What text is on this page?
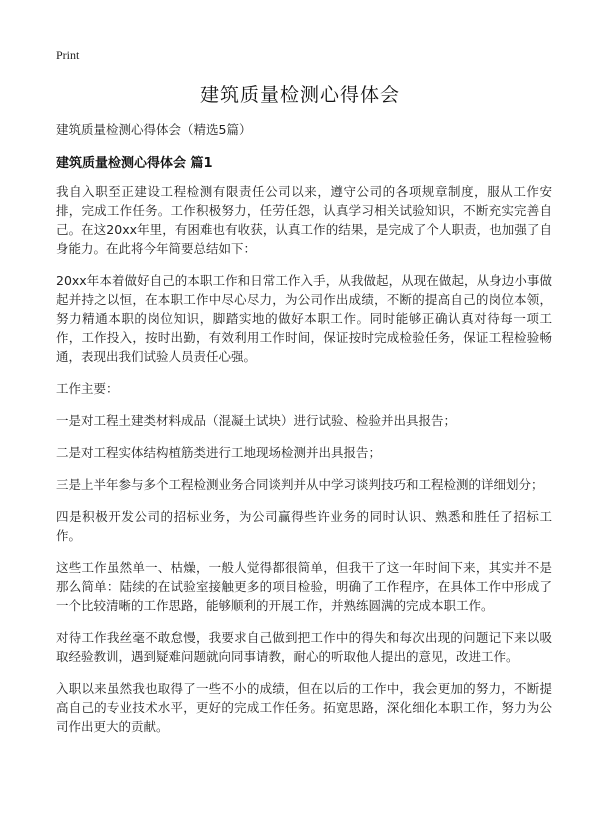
Print
建筑质量检测心得体会
建筑质量检测心得体会（精选5篇）
建筑质量检测心得体会 篇1

我自入职至正建设工程检测有限责任公司以来，遵守公司的各项规章制度，服从工作安排，完成工作任务。工作积极努力，任劳任怨，认真学习相关试验知识，不断充实完善自己。在这20xx年里，有困难也有收获，认真工作的结果，是完成了个人职责，也加强了自身能力。在此将今年简要总结如下：

20xx年本着做好自己的本职工作和日常工作入手，从我做起，从现在做起，从身边小事做起并持之以恒，在本职工作中尽心尽力，为公司作出成绩，不断的提高自己的岗位本领，努力精通本职的岗位知识，脚踏实地的做好本职工作。同时能够正确认真对待每一项工作，工作投入，按时出勤，有效利用工作时间，保证按时完成检验任务，保证工程检验畅通，表现出我们试验人员责任心强。

工作主要：

一是对工程土建类材料成品（混凝土试块）进行试验、检验并出具报告；

二是对工程实体结构植筋类进行工地现场检测并出具报告；

三是上半年参与多个工程检测业务合同谈判并从中学习谈判技巧和工程检测的详细划分；

四是积极开发公司的招标业务，为公司赢得些许业务的同时认识、熟悉和胜任了招标工作。

这些工作虽然单一、枯燥，一般人觉得都很简单，但我干了这一年时间下来，其实并不是那么简单：陆续的在试验室接触更多的项目检验，明确了工作程序，在具体工作中形成了一个比较清晰的工作思路，能够顺利的开展工作，并熟练圆满的完成本职工作。

对待工作我丝毫不敢怠慢，我要求自己做到把工作中的得失和每次出现的问题记下来以吸取经验教训，遇到疑难问题就向同事请教，耐心的听取他人提出的意见，改进工作。

入职以来虽然我也取得了一些不小的成绩，但在以后的工作中，我会更加的努力，不断提高自己的专业技术水平，更好的完成工作任务。拓宽思路，深化细化本职工作，努力为公司作出更大的贡献。
